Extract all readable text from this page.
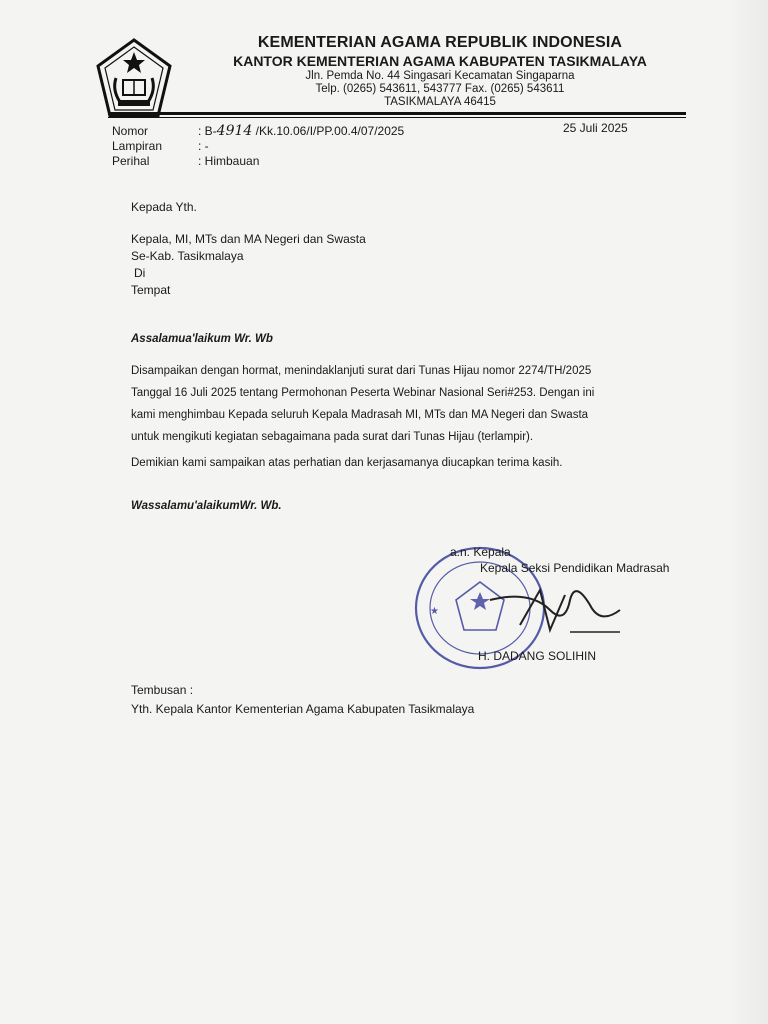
KEMENTERIAN AGAMA REPUBLIK INDONESIA
KANTOR KEMENTERIAN AGAMA KABUPATEN TASIKMALAYA
Jln. Pemda No. 44 Singasari Kecamatan Singaparna
Telp. (0265) 543611, 543777 Fax. (0265) 543611
TASIKMALAYA 46415
Nomor	: B-4914 /Kk.10.06/I/PP.00.4/07/2025
Lampiran	: -
Perihal	: Himbauan
25 Juli 2025
Kepada Yth.
Kepala, MI, MTs dan MA Negeri dan Swasta
Se-Kab. Tasikmalaya
Di
Tempat
Assalamua'laikum Wr. Wb
Disampaikan dengan hormat, menindaklanjuti surat dari Tunas Hijau nomor 2274/TH/2025
Tanggal 16 Juli 2025 tentang Permohonan Peserta Webinar Nasional Seri#253. Dengan ini
kami menghimbau Kepada seluruh Kepala Madrasah MI, MTs dan MA Negeri dan Swasta
untuk mengikuti kegiatan sebagaimana pada surat dari Tunas Hijau (terlampir).
Demikian kami sampaikan atas perhatian dan kerjasamanya diucapkan terima kasih.
Wassalamu'alaikumWr. Wb.
★
a.n. Kepala
Kepala Seksi Pendidikan Madrasah
H. DADANG SOLIHIN
Tembusan :
Yth. Kepala Kantor Kementerian Agama Kabupaten Tasikmalaya
